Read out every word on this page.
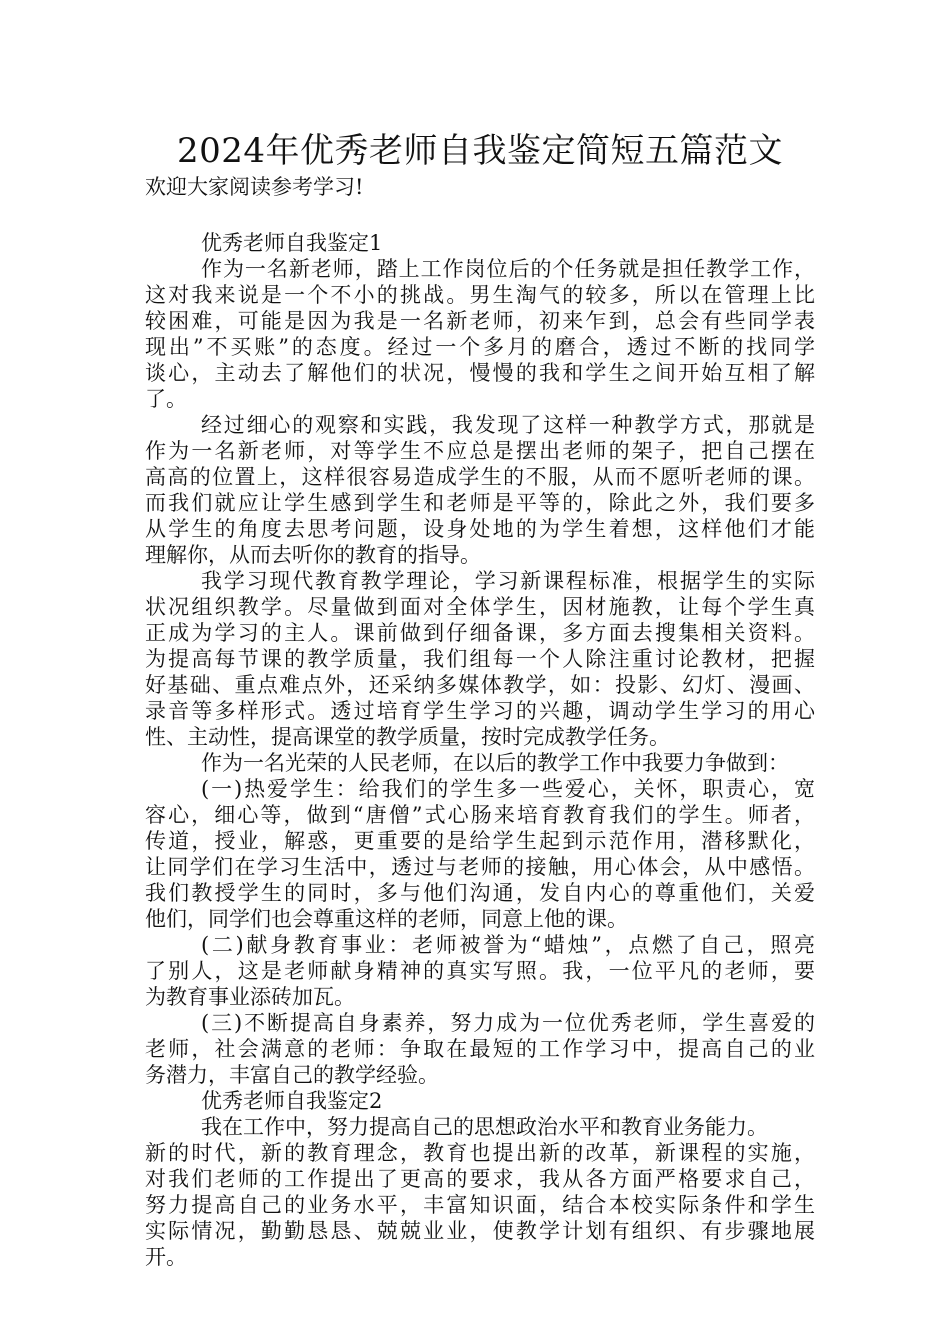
2024年优秀老师自我鉴定简短五篇范文

欢迎大家阅读参考学习!

优秀老师自我鉴定1

作为一名新老师，踏上工作岗位后的个任务就是担任教学工作，

这对我来说是一个不小的挑战。男生淘气的较多，所以在管理上比

较困难，可能是因为我是一名新老师，初来乍到，总会有些同学表

现出”不买账”的态度。经过一个多月的磨合，透过不断的找同学

谈心，主动去了解他们的状况，慢慢的我和学生之间开始互相了解

了。

经过细心的观察和实践，我发现了这样一种教学方式，那就是

作为一名新老师，对等学生不应总是摆出老师的架子，把自己摆在

高高的位置上，这样很容易造成学生的不服，从而不愿听老师的课。

而我们就应让学生感到学生和老师是平等的，除此之外，我们要多

从学生的角度去思考问题，设身处地的为学生着想，这样他们才能

理解你，从而去听你的教育的指导。

我学习现代教育教学理论，学习新课程标准，根据学生的实际

状况组织教学。尽量做到面对全体学生，因材施教，让每个学生真

正成为学习的主人。课前做到仔细备课，多方面去搜集相关资料。

为提高每节课的教学质量，我们组每一个人除注重讨论教材，把握

好基础、重点难点外，还采纳多媒体教学，如：投影、幻灯、漫画、

录音等多样形式。透过培育学生学习的兴趣，调动学生学习的用心

性、主动性，提高课堂的教学质量，按时完成教学任务。

作为一名光荣的人民老师，在以后的教学工作中我要力争做到：

(一)热爱学生：给我们的学生多一些爱心，关怀，职责心，宽

容心，细心等，做到“唐僧”式心肠来培育教育我们的学生。师者，

传道，授业，解惑，更重要的是给学生起到示范作用，潜移默化，

让同学们在学习生活中，透过与老师的接触，用心体会，从中感悟。

我们教授学生的同时，多与他们沟通，发自内心的尊重他们，关爱

他们，同学们也会尊重这样的老师，同意上他的课。

(二)献身教育事业：老师被誉为“蜡烛”，点燃了自己，照亮

了别人，这是老师献身精神的真实写照。我，一位平凡的老师，要

为教育事业添砖加瓦。

(三)不断提高自身素养，努力成为一位优秀老师，学生喜爱的

老师，社会满意的老师：争取在最短的工作学习中，提高自己的业

务潜力，丰富自己的教学经验。

优秀老师自我鉴定2

我在工作中，努力提高自己的思想政治水平和教育业务能力。

新的时代，新的教育理念，教育也提出新的改革，新课程的实施，

对我们老师的工作提出了更高的要求，我从各方面严格要求自己，

努力提高自己的业务水平，丰富知识面，结合本校实际条件和学生

实际情况，勤勤恳恳、兢兢业业，使教学计划有组织、有步骤地展

开。
